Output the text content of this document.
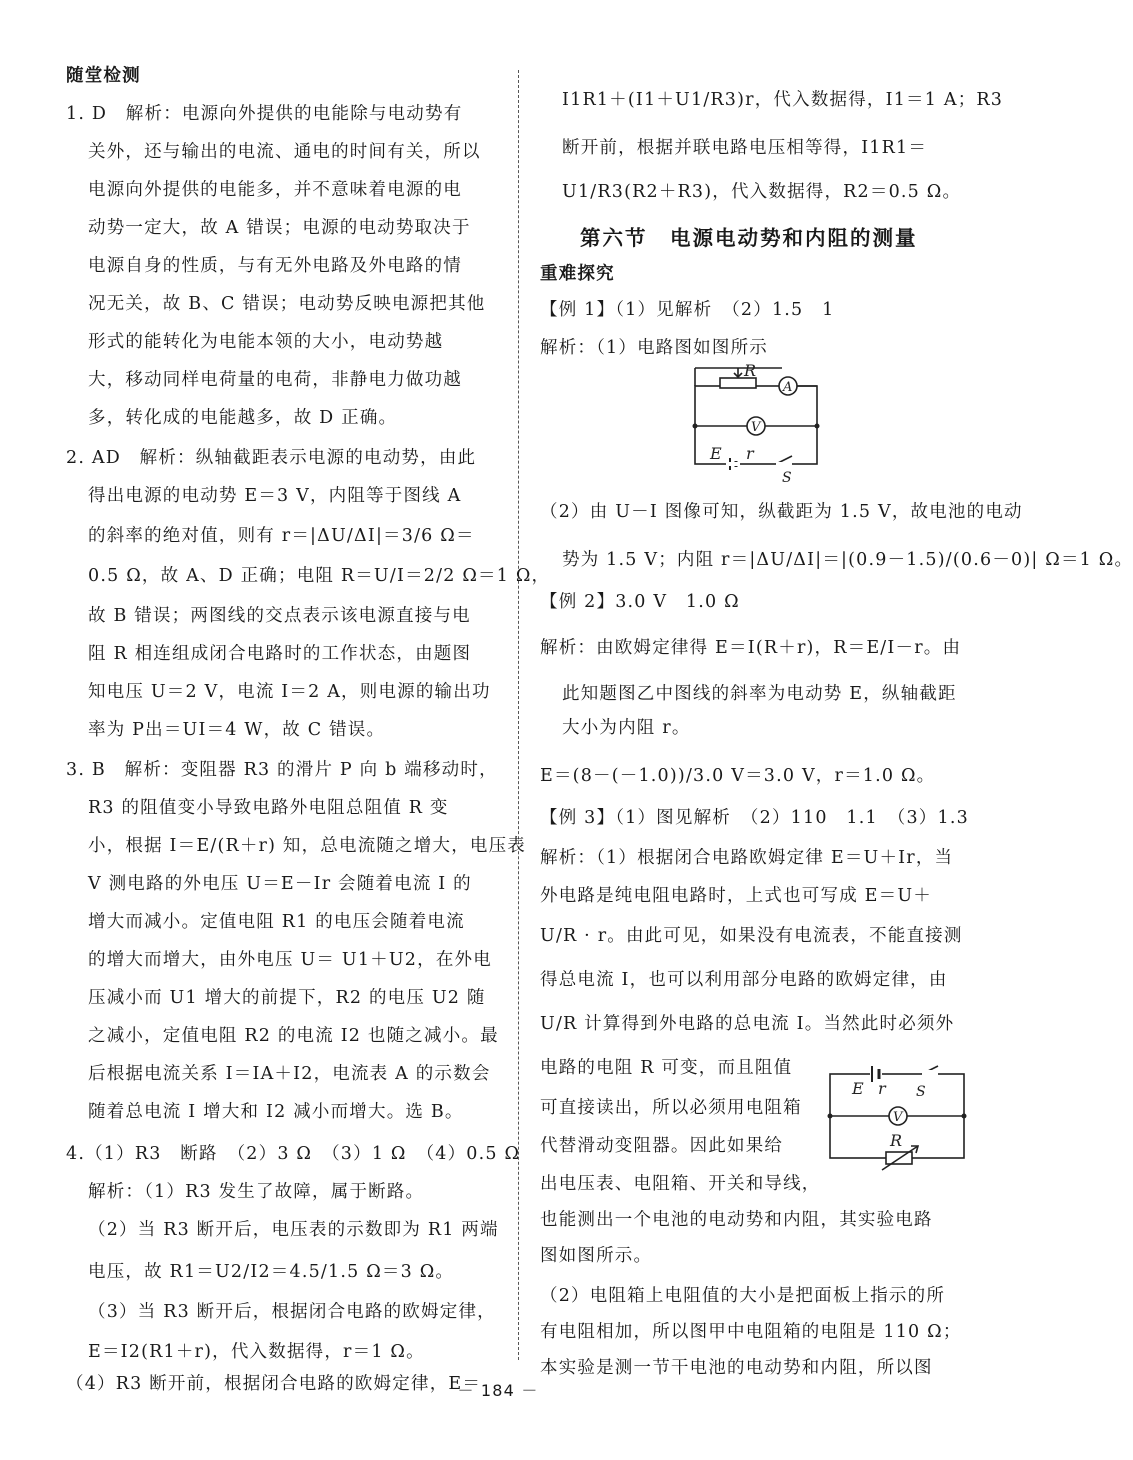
随堂检测
1. D　解析：电源向外提供的电能除与电动势有
关外，还与输出的电流、通电的时间有关，所以
电源向外提供的电能多，并不意味着电源的电
动势一定大，故 A 错误；电源的电动势取决于
电源自身的性质，与有无外电路及外电路的情
况无关，故 B、C 错误；电动势反映电源把其他
形式的能转化为电能本领的大小，电动势越
大，移动同样电荷量的电荷，非静电力做功越
多，转化成的电能越多，故 D 正确。
2. AD　解析：纵轴截距表示电源的电动势，由此
得出电源的电动势 E＝3 V，内阻等于图线 A
的斜率的绝对值，则有 r＝|ΔU/ΔI|＝3/6 Ω＝
0.5 Ω，故 A、D 正确；电阻 R＝U/I＝2/2 Ω＝1 Ω，
故 B 错误；两图线的交点表示该电源直接与电
阻 R 相连组成闭合电路时的工作状态，由题图
知电压 U＝2 V，电流 I＝2 A，则电源的输出功
率为 P出＝UI＝4 W，故 C 错误。
3. B　解析：变阻器 R3 的滑片 P 向 b 端移动时，
R3 的阻值变小导致电路外电阻总阻值 R 变
小，根据 I＝E/(R＋r) 知，总电流随之增大，电压表
V 测电路的外电压 U＝E－Ir 会随着电流 I 的
增大而减小。定值电阻 R1 的电压会随着电流
的增大而增大，由外电压 U＝ U1＋U2，在外电
压减小而 U1 增大的前提下，R2 的电压 U2 随
之减小，定值电阻 R2 的电流 I2 也随之减小。最
后根据电流关系 I＝IA＋I2，电流表 A 的示数会
随着总电流 I 增大和 I2 减小而增大。选 B。
4.（1）R3　断路　（2）3 Ω　（3）1 Ω　（4）0.5 Ω
解析：（1）R3 发生了故障，属于断路。
（2）当 R3 断开后，电压表的示数即为 R1 两端
电压，故 R1＝U2/I2＝4.5/1.5 Ω＝3 Ω。
（3）当 R3 断开后，根据闭合电路的欧姆定律，
E＝I2(R1＋r)，代入数据得，r＝1 Ω。
（4）R3 断开前，根据闭合电路的欧姆定律，E＝
I1R1＋(I1＋U1/R3)r，代入数据得，I1＝1 A；R3
断开前，根据并联电路电压相等得，I1R1＝
U1/R3(R2＋R3)，代入数据得，R2＝0.5 Ω。
第六节　电源电动势和内阻的测量
重难探究
【例 1】（1）见解析　（2）1.5　1
解析：（1）电路图如图所示
R
A
V
E r
S
（2）由 U－I 图像可知，纵截距为 1.5 V，故电池的电动
势为 1.5 V；内阻 r＝|ΔU/ΔI|＝|(0.9－1.5)/(0.6－0)| Ω＝1 Ω。
【例 2】3.0 V　1.0 Ω
解析：由欧姆定律得 E＝I(R＋r)，R＝E/I－r。由
此知题图乙中图线的斜率为电动势 E，纵轴截距
大小为内阻 r。
E＝(8－(－1.0))/3.0 V＝3.0 V，r＝1.0 Ω。
【例 3】（1）图见解析　（2）110　1.1　（3）1.3
解析：（1）根据闭合电路欧姆定律 E＝U＋Ir，当
外电路是纯电阻电路时，上式也可写成 E＝U＋
U/R · r。由此可见，如果没有电流表，不能直接测
得总电流 I，也可以利用部分电路的欧姆定律，由
U/R 计算得到外电路的总电流 I。当然此时必须外
电路的电阻 R 可变，而且阻值
可直接读出，所以必须用电阻箱
代替滑动变阻器。因此如果给
出电压表、电阻箱、开关和导线，
E r S
V
R
也能测出一个电池的电动势和内阻，其实验电路
图如图所示。
（2）电阻箱上电阻值的大小是把面板上指示的所
有电阻相加，所以图甲中电阻箱的电阻是 110 Ω；
本实验是测一节干电池的电动势和内阻，所以图
－ 184 －
